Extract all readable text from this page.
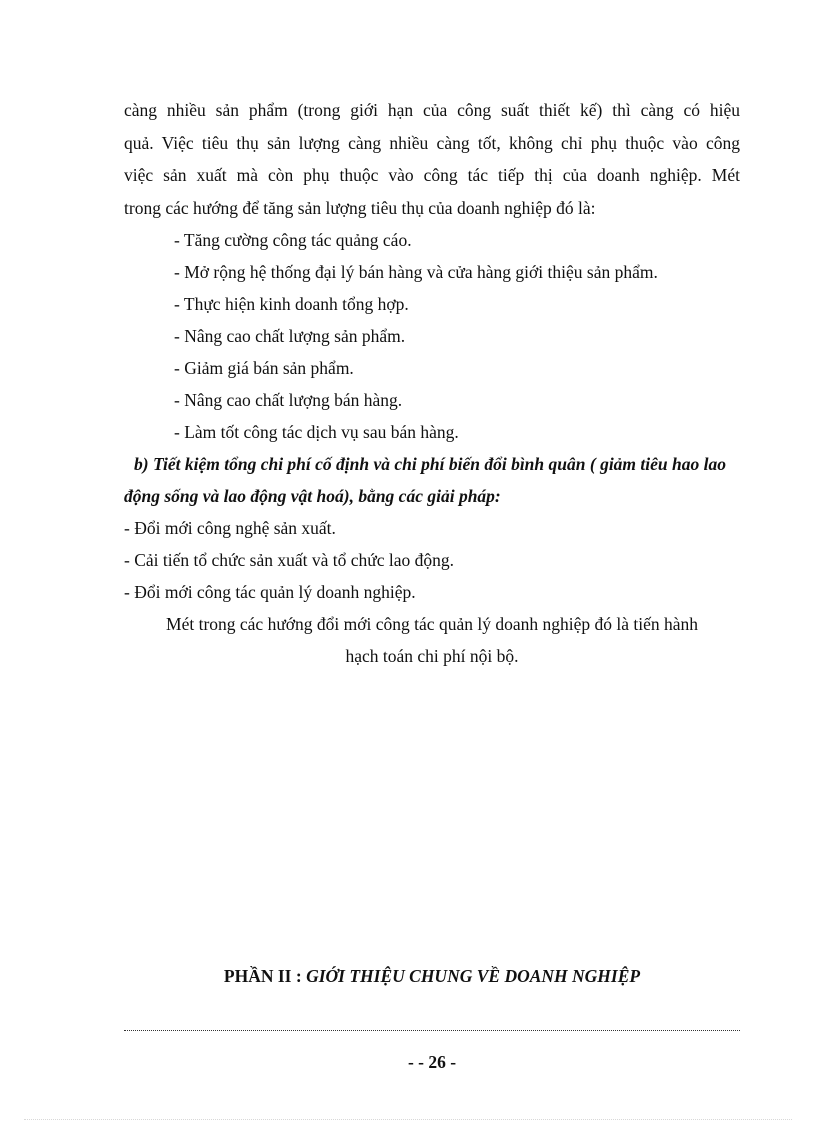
càng nhiều sản phẩm (trong giới hạn của công suất thiết kế) thì càng có hiệu
quả. Việc tiêu thụ sản lượng càng nhiều càng tốt, không chỉ phụ thuộc vào công
việc sản xuất mà còn phụ thuộc vào công tác tiếp thị của doanh nghiệp. Mét
trong các hướng để tăng sản lượng tiêu thụ của doanh nghiệp đó là:
- Tăng cường công tác quảng cáo.
- Mở rộng hệ thống đại lý bán hàng và cửa hàng giới thiệu sản phẩm.
- Thực hiện kinh doanh tổng hợp.
- Nâng cao chất lượng sản phẩm.
- Giảm giá bán sản phẩm.
- Nâng cao chất lượng bán hàng.
- Làm tốt công tác dịch vụ sau bán hàng.
b) Tiết kiệm tổng chi phí cố định và chi phí biến đổi bình quân ( giảm tiêu hao lao động sống và lao động vật hoá), bằng các giải pháp:
- Đổi mới công nghệ sản xuất.
- Cải tiến tổ chức sản xuất và tổ chức lao động.
- Đổi mới công tác quản lý doanh nghiệp.
Mét trong các hướng đổi mới công tác quản lý doanh nghiệp đó là tiến hành
hạch toán chi phí nội bộ.
PHẦN II : GIỚI THIỆU CHUNG VỀ DOANH NGHIỆP
- - 26 -
